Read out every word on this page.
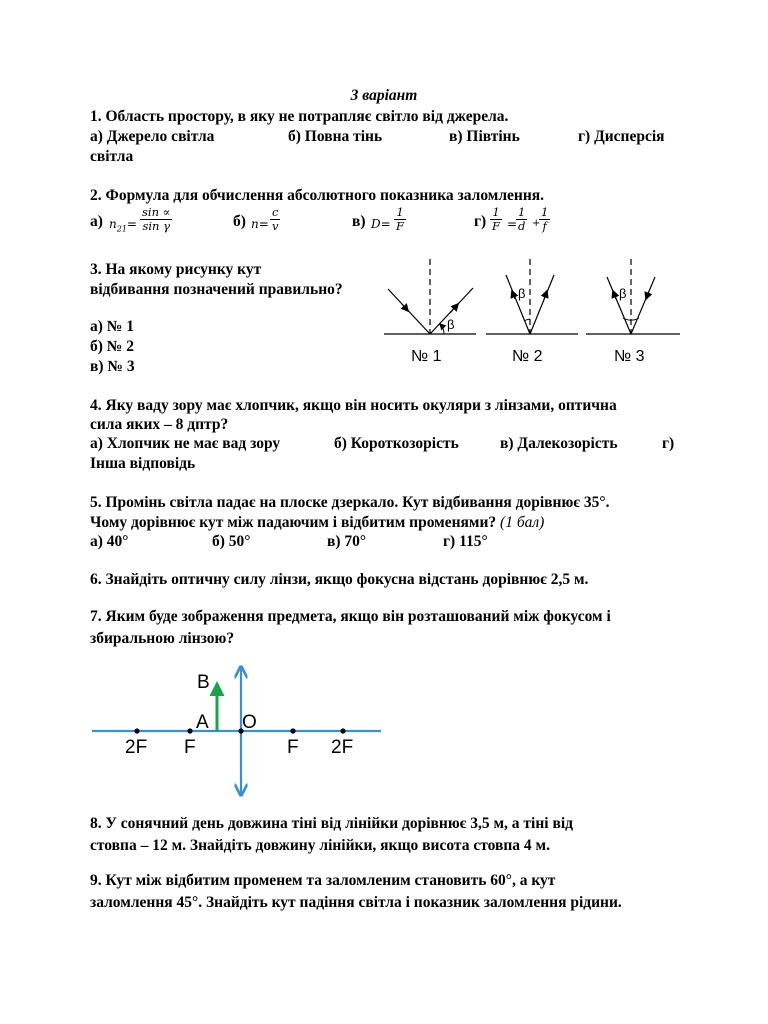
3 варіант
1. Область простору, в яку не потрапляє світло від джерела.
а) Джерело світла	б) Повна тінь	в) Півтінь	г) Дисперсія
світла
2. Формула для обчислення абсолютного показника заломлення.
а) $n_{21}= \frac{\sin \propto}{\text{sin γ}}$	б) $n= \frac{c}{v}$	в) $D= \frac{1}{F}$	$г) \frac{1}{F}$ =
$\frac{1}{d}$ +
$\frac{1}{f}$
3. На якому рисунку кут
відбивання позначений правильно?
а) № 1
б) № 2
в) № 3
β
№ 1
β
№ 2
β
№ 3
4. Яку ваду зору має хлопчик, якщо він носить окуляри з лінзами, оптична
сила яких – 8 дптр?
а) Хлопчик не має вад зору	б) Короткозорість	в) Далекозорість	г)
Інша відповідь
5. Промінь світла падає на плоске дзеркало. Кут відбивання дорівнює 35°.
Чому дорівнює кут між падаючим і відбитим променями? (1 бал)
а) 40°	б) 50°	в) 70°	г) 115°
6. Знайдіть оптичну силу лінзи, якщо фокусна відстань дорівнює 2,5 м.
7. Яким буде зображення предмета, якщо він розташований між фокусом і
збиральною лінзою?
B
A O
2F F	F 2F
8. У сонячний день довжина тіні від лінійки дорівнює 3,5 м, а тіні від
стовпа – 12 м. Знайдіть довжину лінійки, якщо висота стовпа 4 м.
9. Кут між відбитим променем та заломленим становить 60°, а кут
заломлення 45°. Знайдіть кут падіння світла і показник заломлення рідини.
